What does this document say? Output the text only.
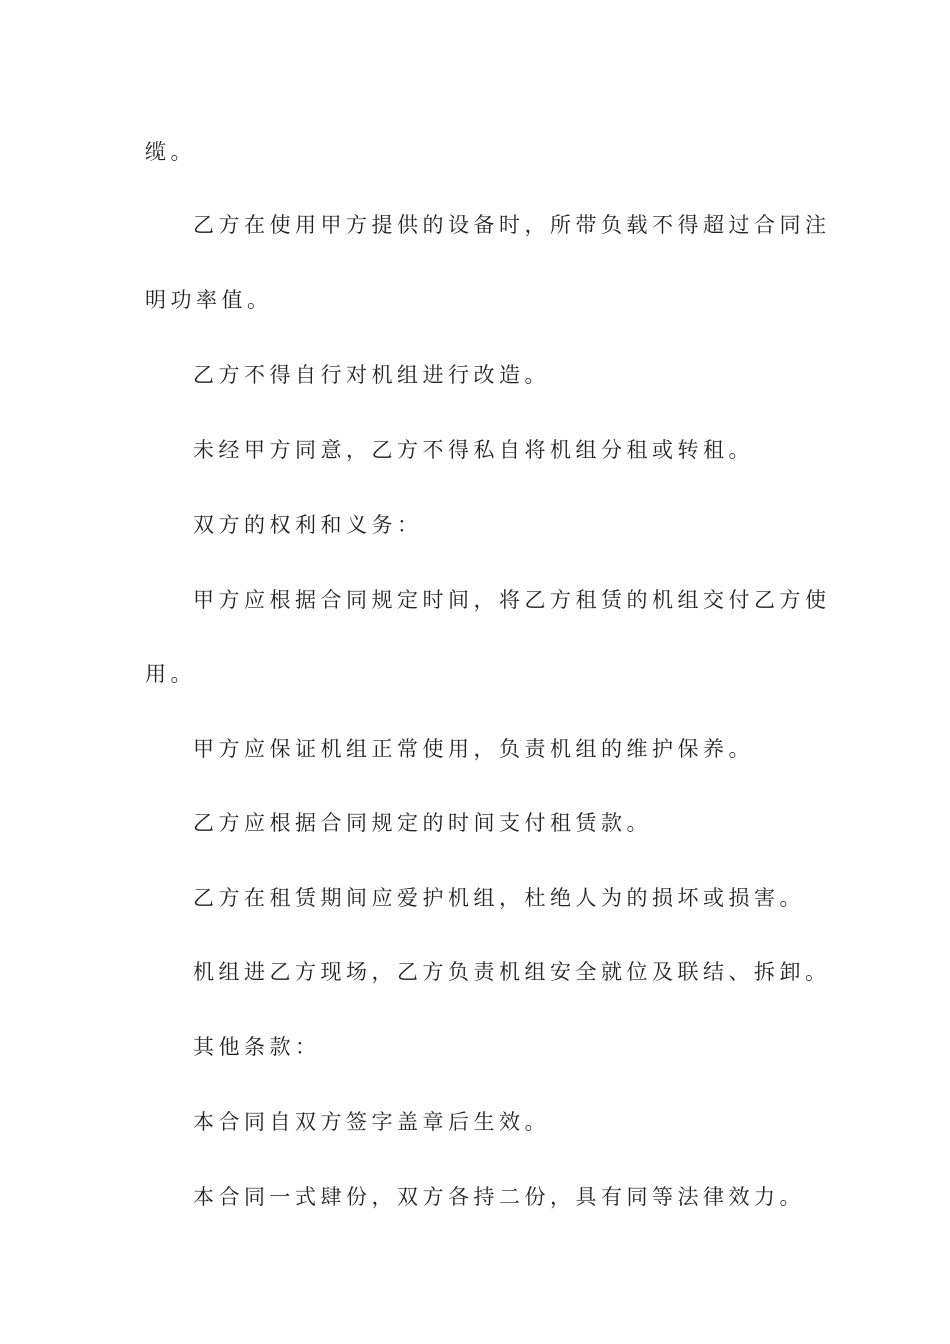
缆。
乙方在使用甲方提供的设备时，所带负载不得超过合同注
明功率值。
乙方不得自行对机组进行改造。
未经甲方同意，乙方不得私自将机组分租或转租。
双方的权利和义务：
甲方应根据合同规定时间，将乙方租赁的机组交付乙方使
用。
甲方应保证机组正常使用，负责机组的维护保养。
乙方应根据合同规定的时间支付租赁款。
乙方在租赁期间应爱护机组，杜绝人为的损坏或损害。
机组进乙方现场，乙方负责机组安全就位及联结、拆卸。
其他条款：
本合同自双方签字盖章后生效。
本合同一式肆份，双方各持二份，具有同等法律效力。
